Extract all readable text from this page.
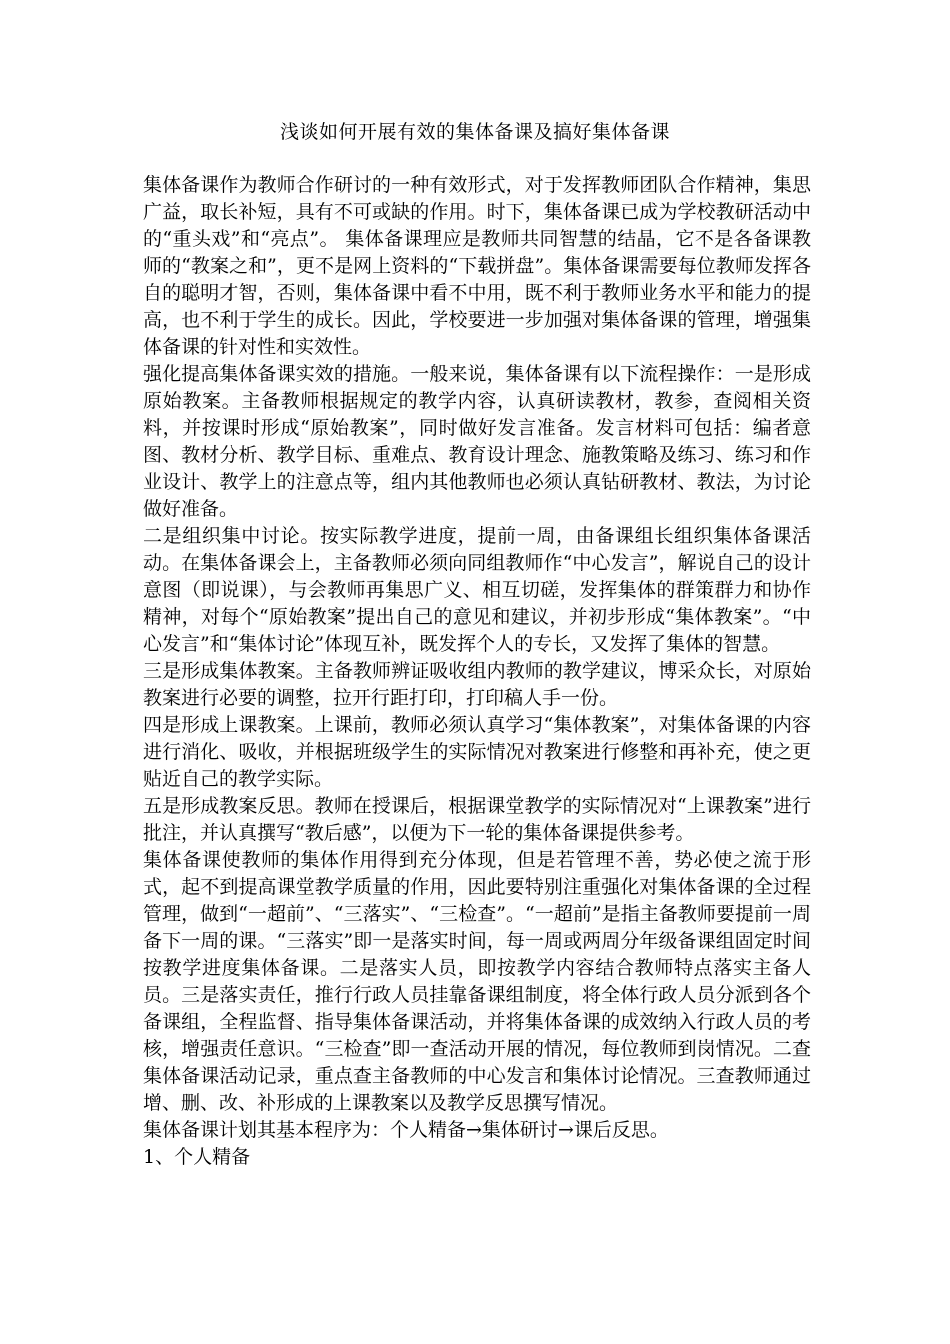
浅谈如何开展有效的集体备课及搞好集体备课

集体备课作为教师合作研讨的一种有效形式，对于发挥教师团队合作精神，集思广益，取长补短，具有不可或缺的作用。时下，集体备课已成为学校教研活动中的“重头戏”和“亮点”。 集体备课理应是教师共同智慧的结晶，它不是各备课教师的“教案之和”，更不是网上资料的“下载拼盘”。集体备课需要每位教师发挥各自的聪明才智，否则，集体备课中看不中用，既不利于教师业务水平和能力的提高，也不利于学生的成长。因此，学校要进一步加强对集体备课的管理，增强集体备课的针对性和实效性。

强化提高集体备课实效的措施。一般来说，集体备课有以下流程操作：一是形成原始教案。主备教师根据规定的教学内容，认真研读教材，教参，查阅相关资料，并按课时形成“原始教案”，同时做好发言准备。发言材料可包括：编者意图、教材分析、教学目标、重难点、教育设计理念、施教策略及练习、练习和作业设计、教学上的注意点等，组内其他教师也必须认真钻研教材、教法，为讨论做好准备。

二是组织集中讨论。按实际教学进度，提前一周，由备课组长组织集体备课活动。在集体备课会上，主备教师必须向同组教师作“中心发言”，解说自己的设计意图（即说课），与会教师再集思广义、相互切磋，发挥集体的群策群力和协作精神，对每个“原始教案”提出自己的意见和建议，并初步形成“集体教案”。“中心发言”和“集体讨论”体现互补，既发挥个人的专长，又发挥了集体的智慧。

三是形成集体教案。主备教师辨证吸收组内教师的教学建议，博采众长，对原始教案进行必要的调整，拉开行距打印，打印稿人手一份。

四是形成上课教案。上课前，教师必须认真学习“集体教案”，对集体备课的内容进行消化、吸收，并根据班级学生的实际情况对教案进行修整和再补充，使之更贴近自己的教学实际。

五是形成教案反思。教师在授课后，根据课堂教学的实际情况对“上课教案”进行批注，并认真撰写“教后感”，以便为下一轮的集体备课提供参考。

集体备课使教师的集体作用得到充分体现，但是若管理不善，势必使之流于形式，起不到提高课堂教学质量的作用，因此要特别注重强化对集体备课的全过程管理，做到“一超前”、“三落实”、“三检查”。“一超前”是指主备教师要提前一周备下一周的课。“三落实”即一是落实时间，每一周或两周分年级备课组固定时间按教学进度集体备课。二是落实人员，即按教学内容结合教师特点落实主备人员。三是落实责任，推行行政人员挂靠备课组制度，将全体行政人员分派到各个备课组，全程监督、指导集体备课活动，并将集体备课的成效纳入行政人员的考核，增强责任意识。“三检查”即一查活动开展的情况，每位教师到岗情况。二查集体备课活动记录，重点查主备教师的中心发言和集体讨论情况。三查教师通过增、删、改、补形成的上课教案以及教学反思撰写情况。

集体备课计划其基本程序为：个人精备→集体研讨→课后反思。

1、个人精备
